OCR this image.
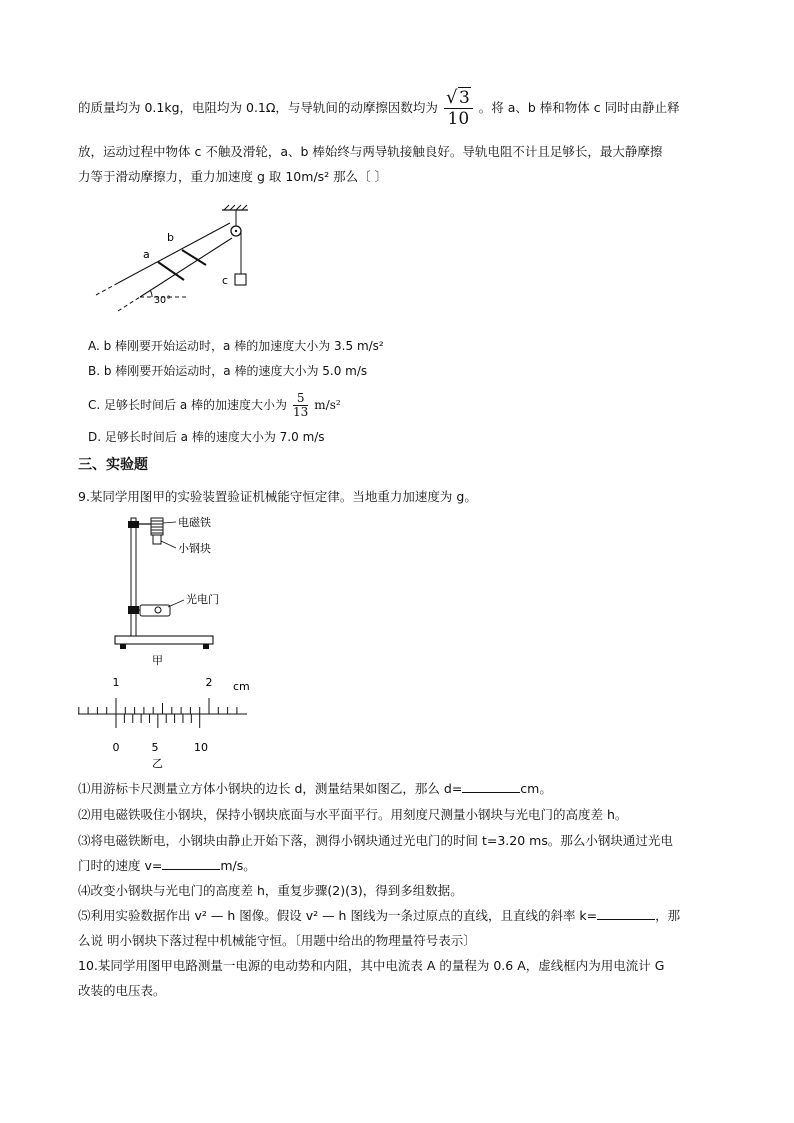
的质量均为 0.1kg，电阻均为 0.1Ω，与导轨间的动摩擦因数均为 $\frac{√ 3}{10}$ 。将 a、b 棒和物体 c 同时由静止释
放，运动过程中物体 c 不触及滑轮，a、b 棒始终与两导轨接触良好。导轨电阻不计且足够长，最大静摩擦
力等于滑动摩擦力，重力加速度 g 取 10m/s² 那么〔 〕
c
30°
a
b
A. b 棒刚要开始运动时，a 棒的加速度大小为 3.5 m/s²
B. b 棒刚要开始运动时，a 棒的速度大小为 5.0 m/s
C. 足够长时间后 a 棒的加速度大小为 $\frac{5}{13} m/s^2$
D. 足够长时间后 a 棒的速度大小为 7.0 m/s
三、实验题
9.某同学用图甲的实验装置验证机械能守恒定律。当地重力加速度为 g。
电磁铁
小钢块
光电门
甲
1	2 cm
0	5	10
乙
⑴用游标卡尺测量立方体小钢块的边长 d，测量结果如图乙，那么 d=	cm。
⑵用电磁铁吸住小钢块，保持小钢块底面与水平面平行。用刻度尺测量小钢块与光电门的高度差 h。
⑶将电磁铁断电，小钢块由静止开始下落，测得小钢块通过光电门的时间 t=3.20 ms。那么小钢块通过光电
门时的速度 v=	m/s。
⑷改变小钢块与光电门的高度差 h，重复步骤(2)(3)，得到多组数据。
⑸利用实验数据作出 v² — h 图像。假设 v² — h 图线为一条过原点的直线，且直线的斜率 k=	，那
么说 明小钢块下落过程中机械能守恒。〔用题中给出的物理量符号表示〕
10.某同学用图甲电路测量一电源的电动势和内阻，其中电流表 A 的量程为 0.6 A，虚线框内为用电流计 G
改装的电压表。
